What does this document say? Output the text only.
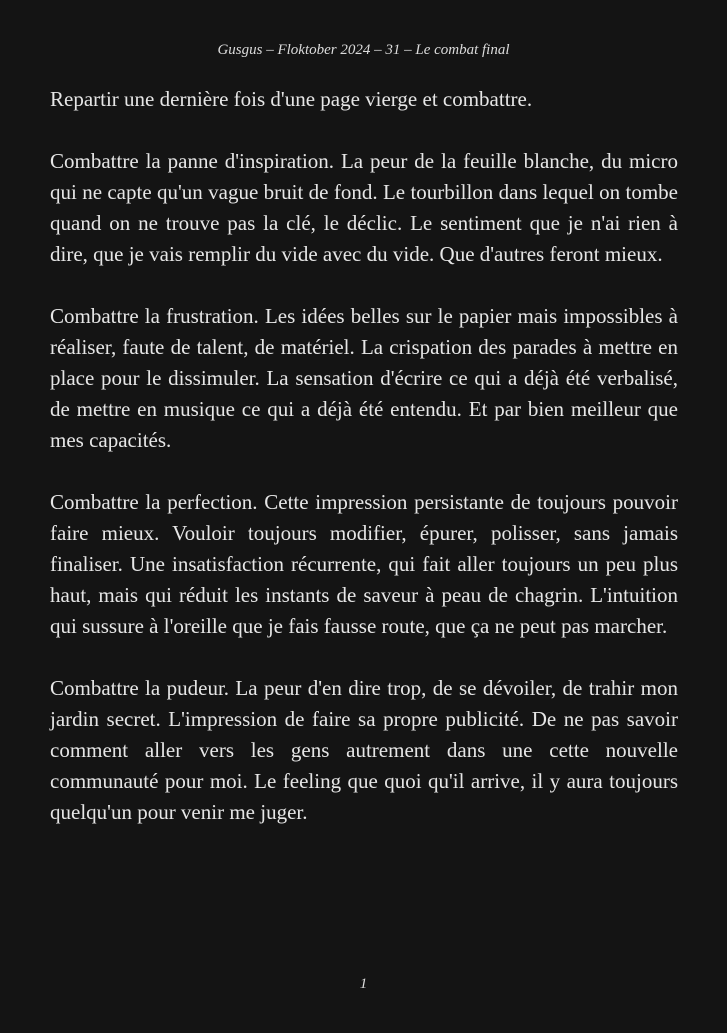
Gusgus – Floktober 2024 – 31 – Le combat final

Repartir une dernière fois d'une page vierge et combattre.

Combattre la panne d'inspiration. La peur de la feuille blanche, du micro qui ne capte qu'un vague bruit de fond. Le tourbillon dans lequel on tombe quand on ne trouve pas la clé, le déclic. Le sentiment que je n'ai rien à dire, que je vais remplir du vide avec du vide. Que d'autres feront mieux.

Combattre la frustration. Les idées belles sur le papier mais impossibles à réaliser, faute de talent, de matériel. La crispation des parades à mettre en place pour le dissimuler. La sensation d'écrire ce qui a déjà été verbalisé, de mettre en musique ce qui a déjà été entendu. Et par bien meilleur que mes capacités.

Combattre la perfection. Cette impression persistante de toujours pouvoir faire mieux. Vouloir toujours modifier, épurer, polisser, sans jamais finaliser. Une insatisfaction récurrente, qui fait aller toujours un peu plus haut, mais qui réduit les instants de saveur à peau de chagrin. L'intuition qui sussure à l'oreille que je fais fausse route, que ça ne peut pas marcher.

Combattre la pudeur. La peur d'en dire trop, de se dévoiler, de trahir mon jardin secret. L'impression de faire sa propre publicité. De ne pas savoir comment aller vers les gens autrement dans une cette nouvelle communauté pour moi. Le feeling que quoi qu'il arrive, il y aura toujours quelqu'un pour venir me juger.

1
